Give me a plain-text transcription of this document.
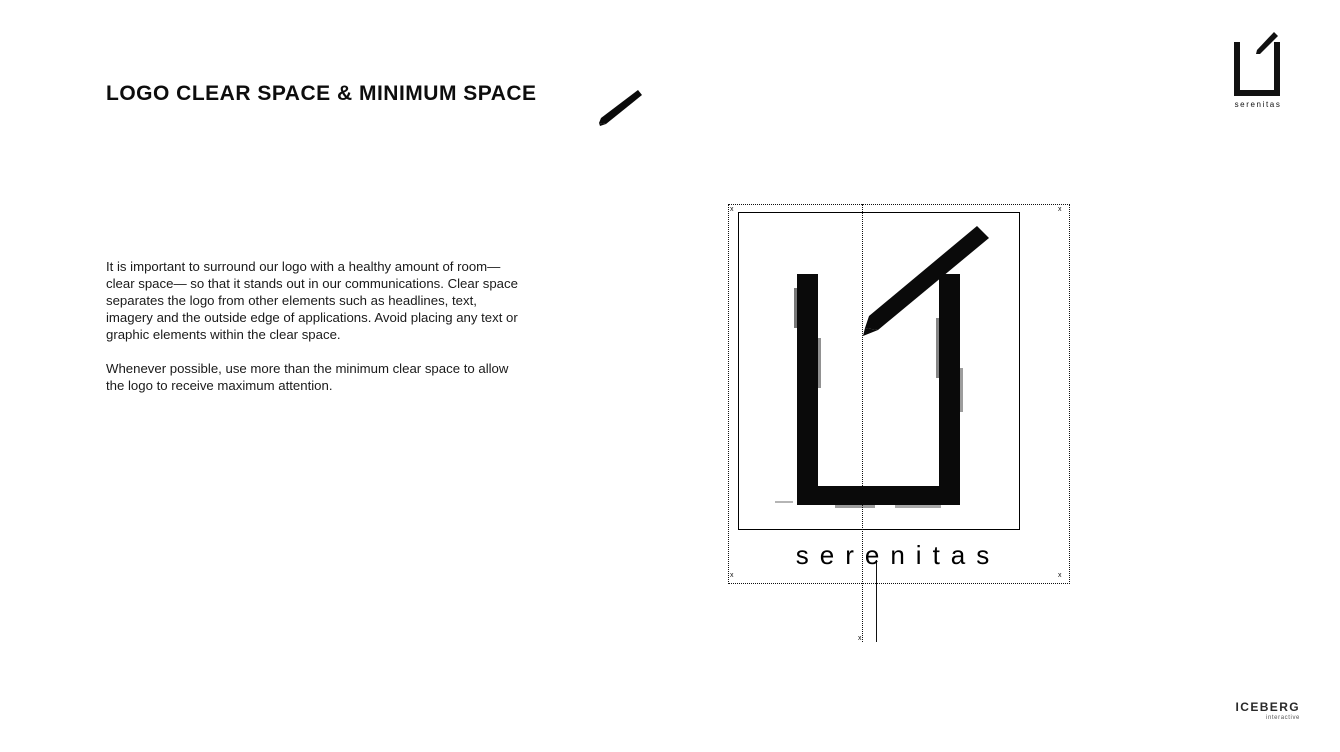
LOGO CLEAR SPACE & MINIMUM SPACE	serenitas

It is important to surround our logo with a healthy amount of room—clear space— so that it stands out in our communications. Clear space separates the logo from other elements such as headlines, text, imagery and the outside edge of applications. Avoid placing any text or graphic elements within the clear space.

Whenever possible, use more than the minimum clear space to allow the logo to receive maximum attention.

x	x
x	x
x
serenitas
ICEBERG
interactive
